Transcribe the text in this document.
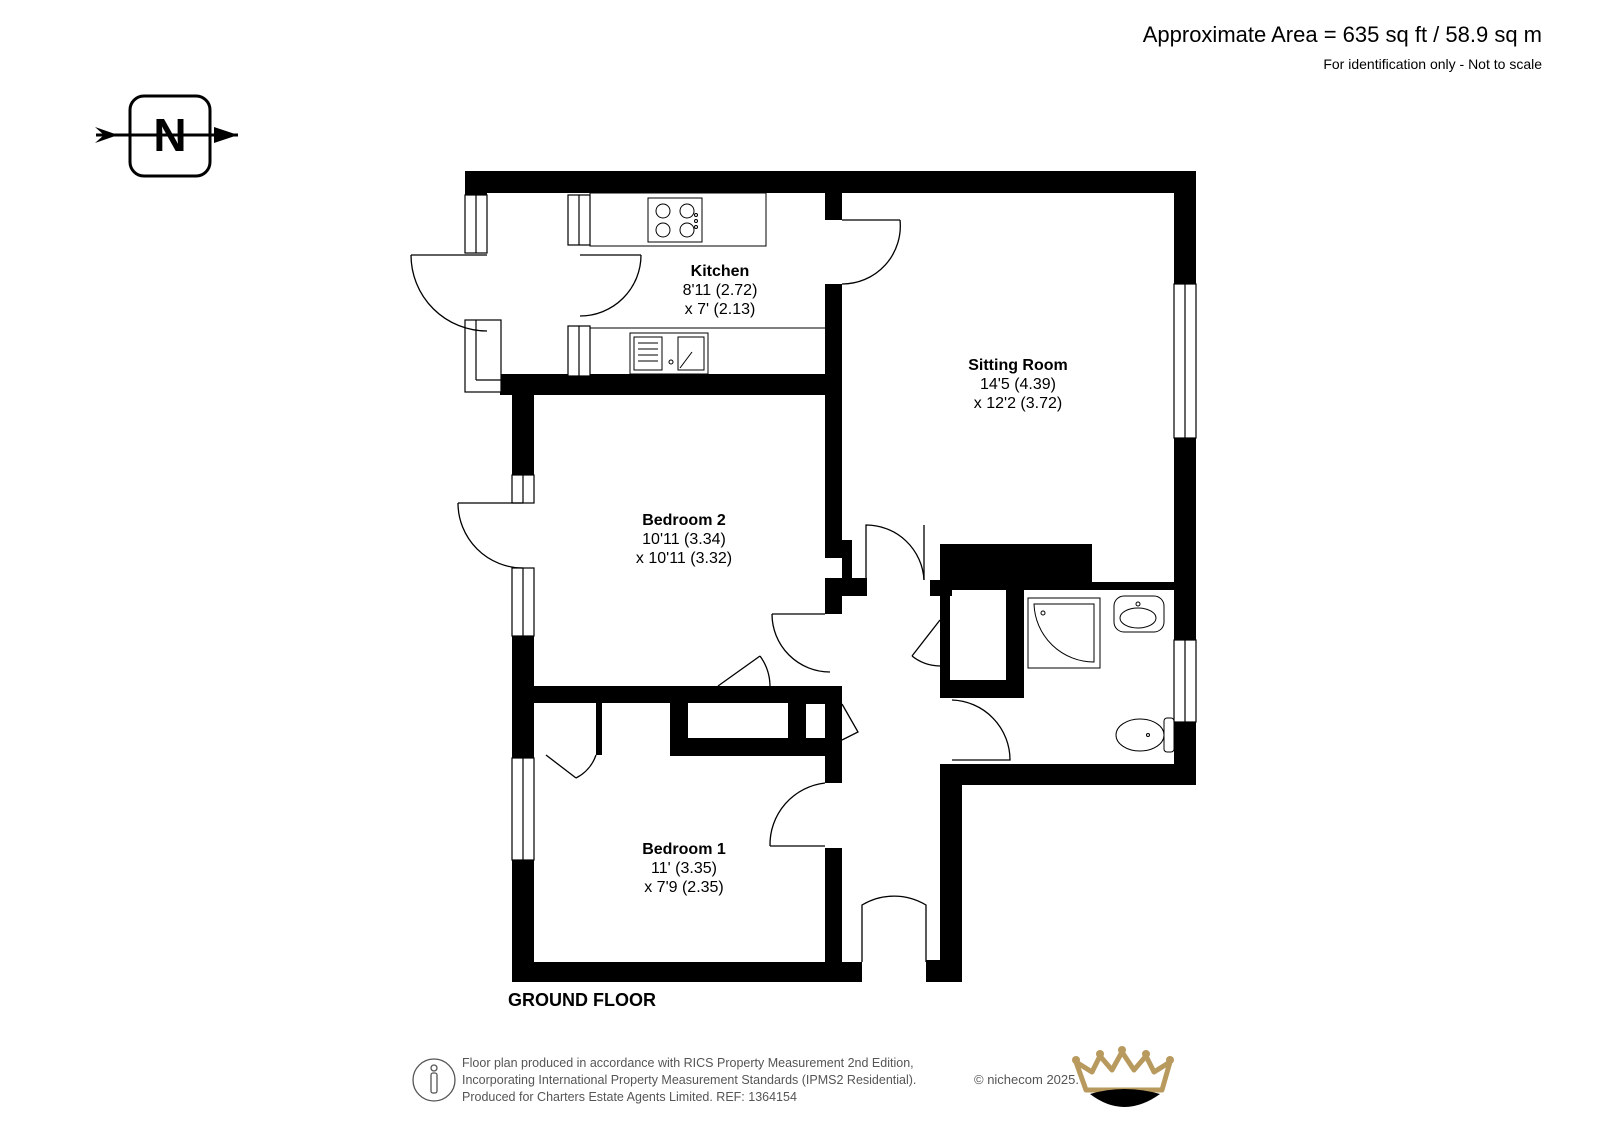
Approximate Area = 635 sq ft / 58.9 sq m
For identification only - Not to scale
N
Kitchen
8'11 (2.72)
x 7' (2.13)
Sitting Room
14'5 (4.39)
x 12'2 (3.72)
Bedroom 2
10'11 (3.34)
x 10'11 (3.32)
Bedroom 1
11' (3.35)
x 7'9 (2.35)
GROUND FLOOR
Floor plan produced in accordance with RICS Property Measurement 2nd Edition,
Incorporating International Property Measurement Standards (IPMS2 Residential).
Produced for Charters Estate Agents Limited. REF: 1364154
© nichecom 2025.
